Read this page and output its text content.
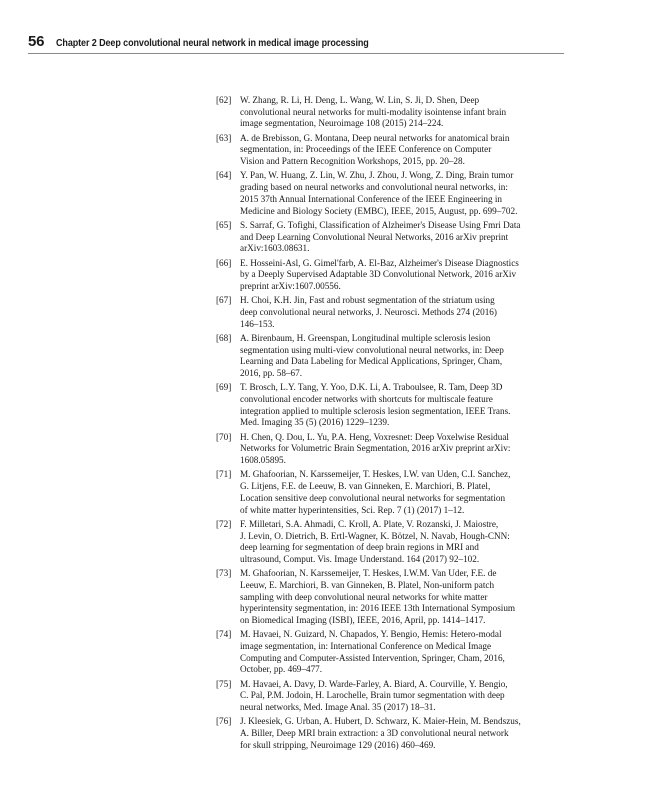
56 Chapter 2 Deep convolutional neural network in medical image processing
[62] W. Zhang, R. Li, H. Deng, L. Wang, W. Lin, S. Ji, D. Shen, Deep
convolutional neural networks for multi-modality isointense infant brain
image segmentation, Neuroimage 108 (2015) 214–224.
[63] A. de Brebisson, G. Montana, Deep neural networks for anatomical brain
segmentation, in: Proceedings of the IEEE Conference on Computer
Vision and Pattern Recognition Workshops, 2015, pp. 20–28.
[64] Y. Pan, W. Huang, Z. Lin, W. Zhu, J. Zhou, J. Wong, Z. Ding, Brain tumor
grading based on neural networks and convolutional neural networks, in:
2015 37th Annual International Conference of the IEEE Engineering in
Medicine and Biology Society (EMBC), IEEE, 2015, August, pp. 699–702.
[65] S. Sarraf, G. Tofighi, Classification of Alzheimer's Disease Using Fmri Data
and Deep Learning Convolutional Neural Networks, 2016 arXiv preprint
arXiv:1603.08631.
[66] E. Hosseini-Asl, G. Gimel'farb, A. El-Baz, Alzheimer's Disease Diagnostics
by a Deeply Supervised Adaptable 3D Convolutional Network, 2016 arXiv
preprint arXiv:1607.00556.
[67] H. Choi, K.H. Jin, Fast and robust segmentation of the striatum using
deep convolutional neural networks, J. Neurosci. Methods 274 (2016)
146–153.
[68] A. Birenbaum, H. Greenspan, Longitudinal multiple sclerosis lesion
segmentation using multi-view convolutional neural networks, in: Deep
Learning and Data Labeling for Medical Applications, Springer, Cham,
2016, pp. 58–67.
[69] T. Brosch, L.Y. Tang, Y. Yoo, D.K. Li, A. Traboulsee, R. Tam, Deep 3D
convolutional encoder networks with shortcuts for multiscale feature
integration applied to multiple sclerosis lesion segmentation, IEEE Trans.
Med. Imaging 35 (5) (2016) 1229–1239.
[70] H. Chen, Q. Dou, L. Yu, P.A. Heng, Voxresnet: Deep Voxelwise Residual
Networks for Volumetric Brain Segmentation, 2016 arXiv preprint arXiv:
1608.05895.
[71] M. Ghafoorian, N. Karssemeijer, T. Heskes, I.W. van Uden, C.I. Sanchez,
G. Litjens, F.E. de Leeuw, B. van Ginneken, E. Marchiori, B. Platel,
Location sensitive deep convolutional neural networks for segmentation
of white matter hyperintensities, Sci. Rep. 7 (1) (2017) 1–12.
[72] F. Milletari, S.A. Ahmadi, C. Kroll, A. Plate, V. Rozanski, J. Maiostre,
J. Levin, O. Dietrich, B. Ertl-Wagner, K. Bötzel, N. Navab, Hough-CNN:
deep learning for segmentation of deep brain regions in MRI and
ultrasound, Comput. Vis. Image Understand. 164 (2017) 92–102.
[73] M. Ghafoorian, N. Karssemeijer, T. Heskes, I.W.M. Van Uder, F.E. de
Leeuw, E. Marchiori, B. van Ginneken, B. Platel, Non-uniform patch
sampling with deep convolutional neural networks for white matter
hyperintensity segmentation, in: 2016 IEEE 13th International Symposium
on Biomedical Imaging (ISBI), IEEE, 2016, April, pp. 1414–1417.
[74] M. Havaei, N. Guizard, N. Chapados, Y. Bengio, Hemis: Hetero-modal
image segmentation, in: International Conference on Medical Image
Computing and Computer-Assisted Intervention, Springer, Cham, 2016,
October, pp. 469–477.
[75] M. Havaei, A. Davy, D. Warde-Farley, A. Biard, A. Courville, Y. Bengio,
C. Pal, P.M. Jodoin, H. Larochelle, Brain tumor segmentation with deep
neural networks, Med. Image Anal. 35 (2017) 18–31.
[76] J. Kleesiek, G. Urban, A. Hubert, D. Schwarz, K. Maier-Hein, M. Bendszus,
A. Biller, Deep MRI brain extraction: a 3D convolutional neural network
for skull stripping, Neuroimage 129 (2016) 460–469.
